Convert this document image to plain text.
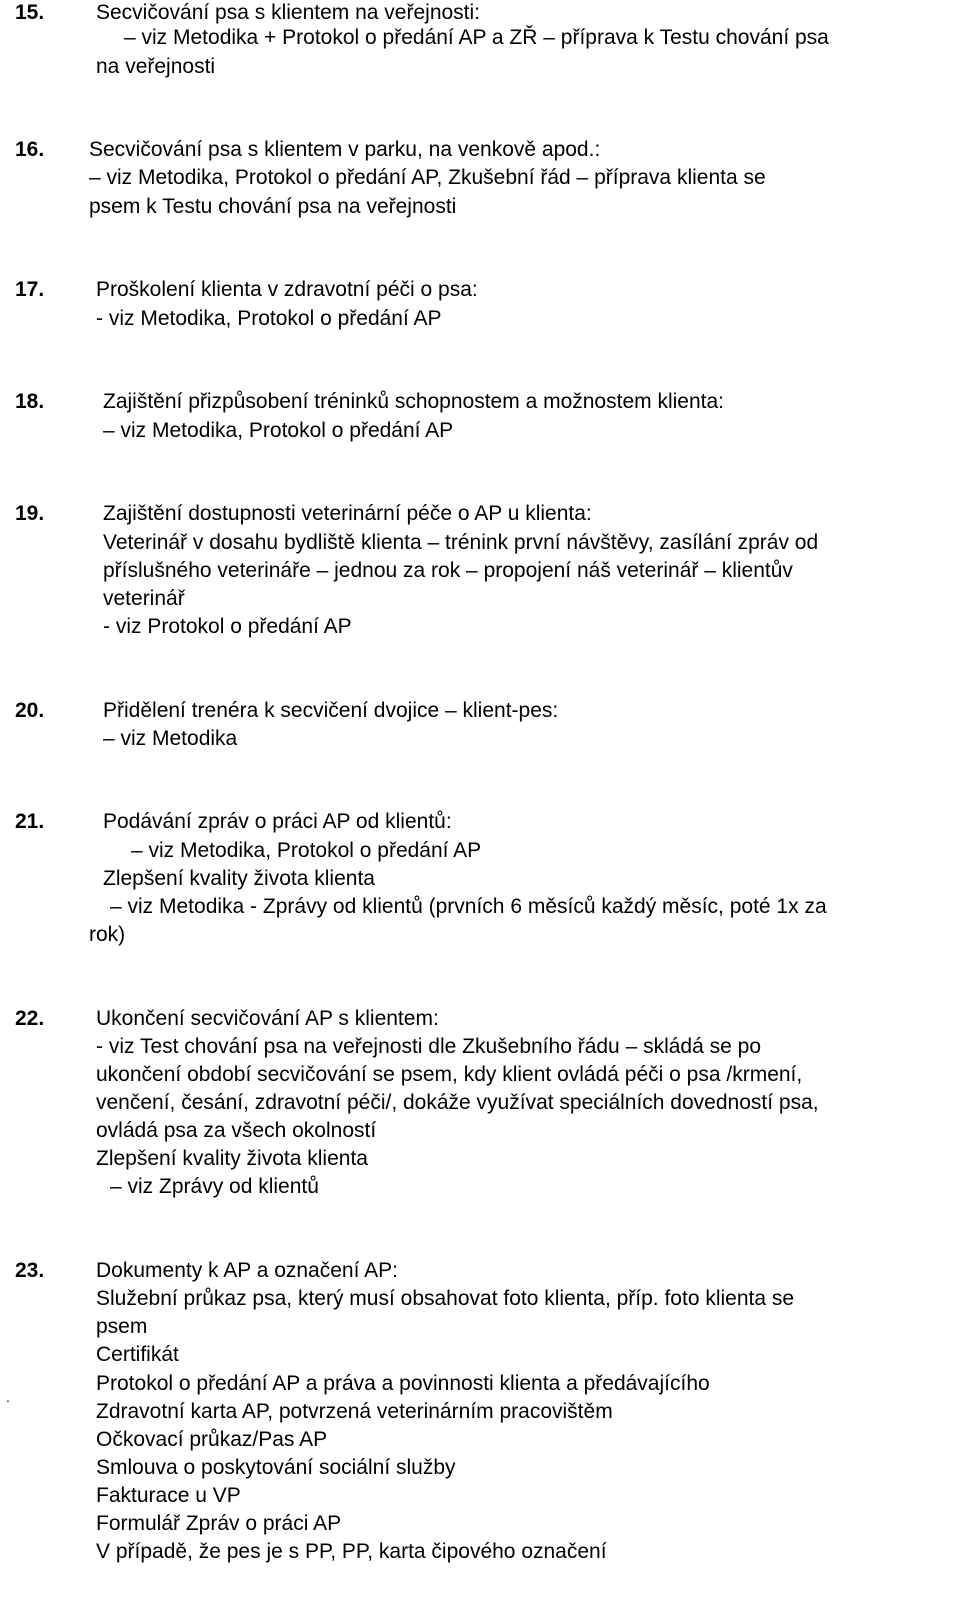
15. Secvičování psa s klientem na veřejnosti:
– viz Metodika + Protokol o předání AP a ZŘ – příprava k Testu chování psa
na veřejnosti
16. Secvičování psa s klientem v parku, na venkově apod.:
– viz Metodika, Protokol o předání AP, Zkušební řád – příprava klienta se
psem k Testu chování psa na veřejnosti
17. Proškolení klienta v zdravotní péči o psa:
- viz Metodika, Protokol o předání AP
18.	Zajištění přizpůsobení tréninků schopnostem a možnostem klienta:
– viz Metodika, Protokol o předání AP
19.	Zajištění dostupnosti veterinární péče o AP u klienta:
Veterinář v dosahu bydliště klienta – trénink první návštěvy, zasílání zpráv od
příslušného veterináře – jednou za rok – propojení náš veterinář – klientův
veterinář
- viz Protokol o předání AP
20.	Přidělení trenéra k secvičení dvojice – klient-pes:
– viz Metodika
21.	Podávání zpráv o práci AP od klientů:
– viz Metodika, Protokol o předání AP
Zlepšení kvality života klienta
– viz Metodika - Zprávy od klientů (prvních 6 měsíců každý měsíc, poté 1x za
rok)
22. Ukončení secvičování AP s klientem:
- viz Test chování psa na veřejnosti dle Zkušebního řádu – skládá se po
ukončení období secvičování se psem, kdy klient ovládá péči o psa /krmení,
venčení, česání, zdravotní péči/, dokáže využívat speciálních dovedností psa,
ovládá psa za všech okolností
Zlepšení kvality života klienta
– viz Zprávy od klientů
23. Dokumenty k AP a označení AP:
Služební průkaz psa, který musí obsahovat foto klienta, příp. foto klienta se
psem
Certifikát
Protokol o předání AP a práva a povinnosti klienta a předávajícího
Zdravotní karta AP, potvrzená veterinárním pracovištěm
Očkovací průkaz/Pas AP
Smlouva o poskytování sociální služby
Fakturace u VP
Formulář Zpráv o práci AP
V případě, že pes je s PP, PP, karta čipového označení
.
